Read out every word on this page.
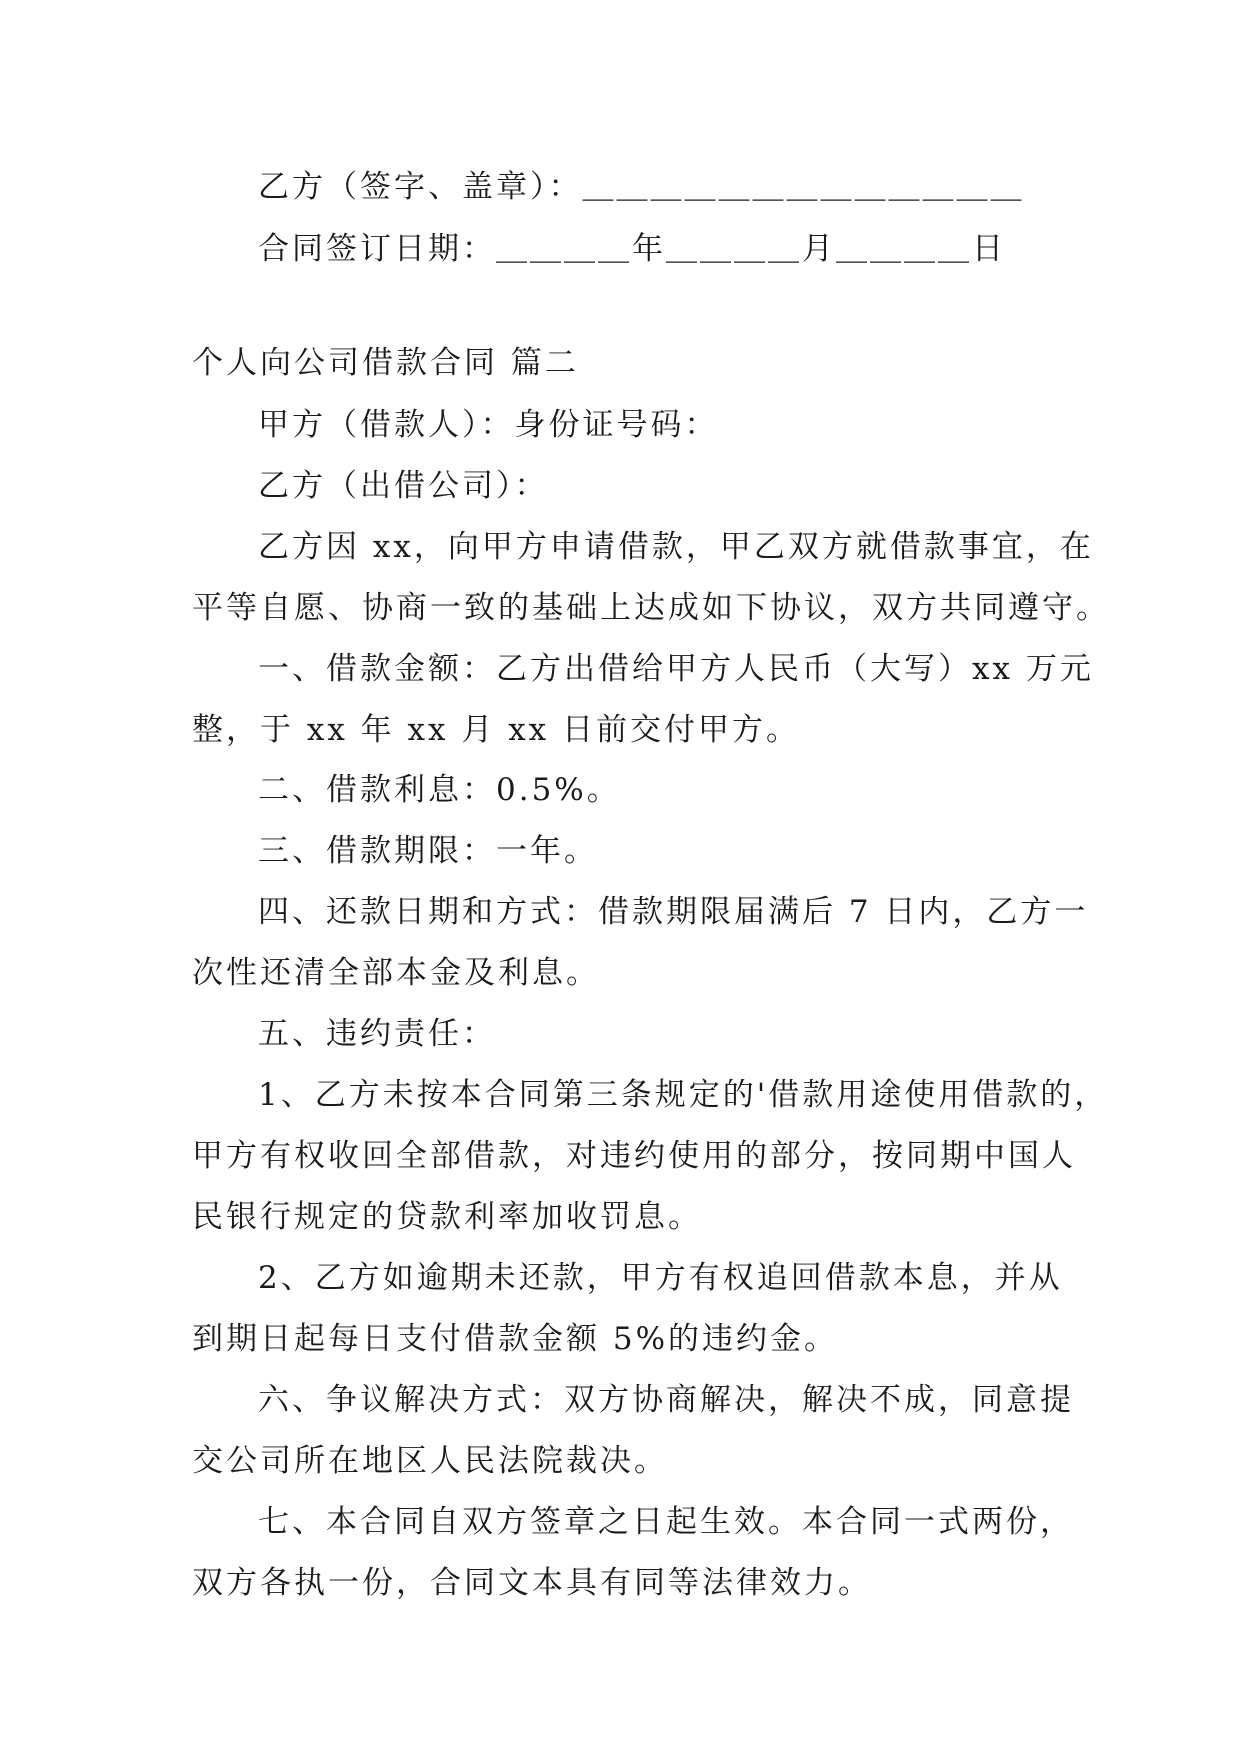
乙方（签字、盖章）：＿＿＿＿＿＿＿＿＿＿＿＿＿
合同签订日期：＿＿＿＿年＿＿＿＿月＿＿＿＿日
个人向公司借款合同 篇二
甲方（借款人）：身份证号码：
乙方（出借公司）：
乙方因 xx，向甲方申请借款，甲乙双方就借款事宜，在
平等自愿、协商一致的基础上达成如下协议，双方共同遵守。
一、借款金额：乙方出借给甲方人民币（大写）xx 万元
整，于 xx 年 xx 月 xx 日前交付甲方。
二、借款利息：0.5%。
三、借款期限：一年。
四、还款日期和方式：借款期限届满后 7 日内，乙方一
次性还清全部本金及利息。
五、违约责任：
1、乙方未按本合同第三条规定的'借款用途使用借款的，
甲方有权收回全部借款，对违约使用的部分，按同期中国人
民银行规定的贷款利率加收罚息。
2、乙方如逾期未还款，甲方有权追回借款本息，并从
到期日起每日支付借款金额 5%的违约金。
六、争议解决方式：双方协商解决，解决不成，同意提
交公司所在地区人民法院裁决。
七、本合同自双方签章之日起生效。本合同一式两份，
双方各执一份，合同文本具有同等法律效力。
